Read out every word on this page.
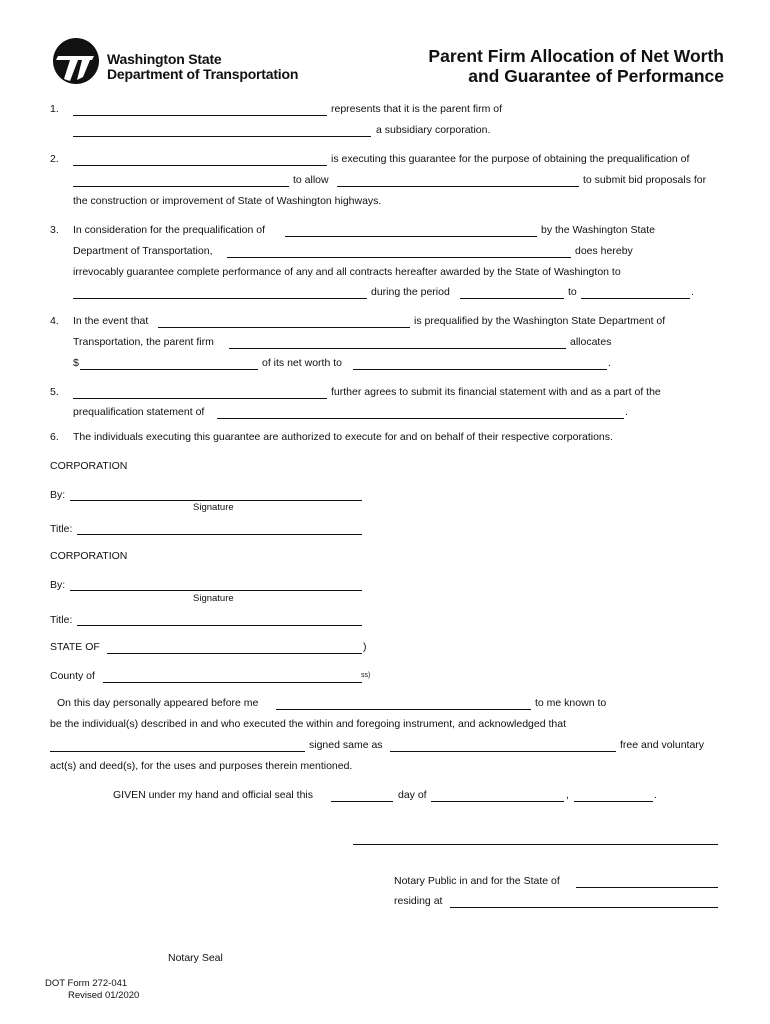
Washington State
Department of Transportation
Parent Firm Allocation of Net Worth
and Guarantee of Performance
1.	represents that it is the parent firm of
a subsidiary corporation.
2.	is executing this guarantee for the purpose of obtaining the prequalification of
to allow	to submit bid proposals for
the construction or improvement of State of Washington highways.
3. In consideration for the prequalification of	by the Washington State
Department of Transportation,	does hereby
irrevocably guarantee complete performance of any and all contracts hereafter awarded by the State of Washington to
during the period	to	.
4. In the event that	is prequalified by the Washington State Department of
Transportation, the parent firm	allocates
$	of its net worth to	.
5.	further agrees to submit its financial statement with and as a part of the
prequalification statement of	.
6. The individuals executing this guarantee are authorized to execute for and on behalf of their respective corporations.
CORPORATION
By:
Signature
Title:
CORPORATION
By:
Signature
Title:
STATE OF	)
County of	ss)
On this day personally appeared before me	to me known to
be the individual(s) described in and who executed the within and foregoing instrument, and acknowledged that
signed same as	free and voluntary
act(s) and deed(s), for the uses and purposes therein mentioned.
GIVEN under my hand and official seal this	day of	,	.
Notary Public in and for the State of
residing at
Notary Seal
DOT Form 272-041
Revised 01/2020
